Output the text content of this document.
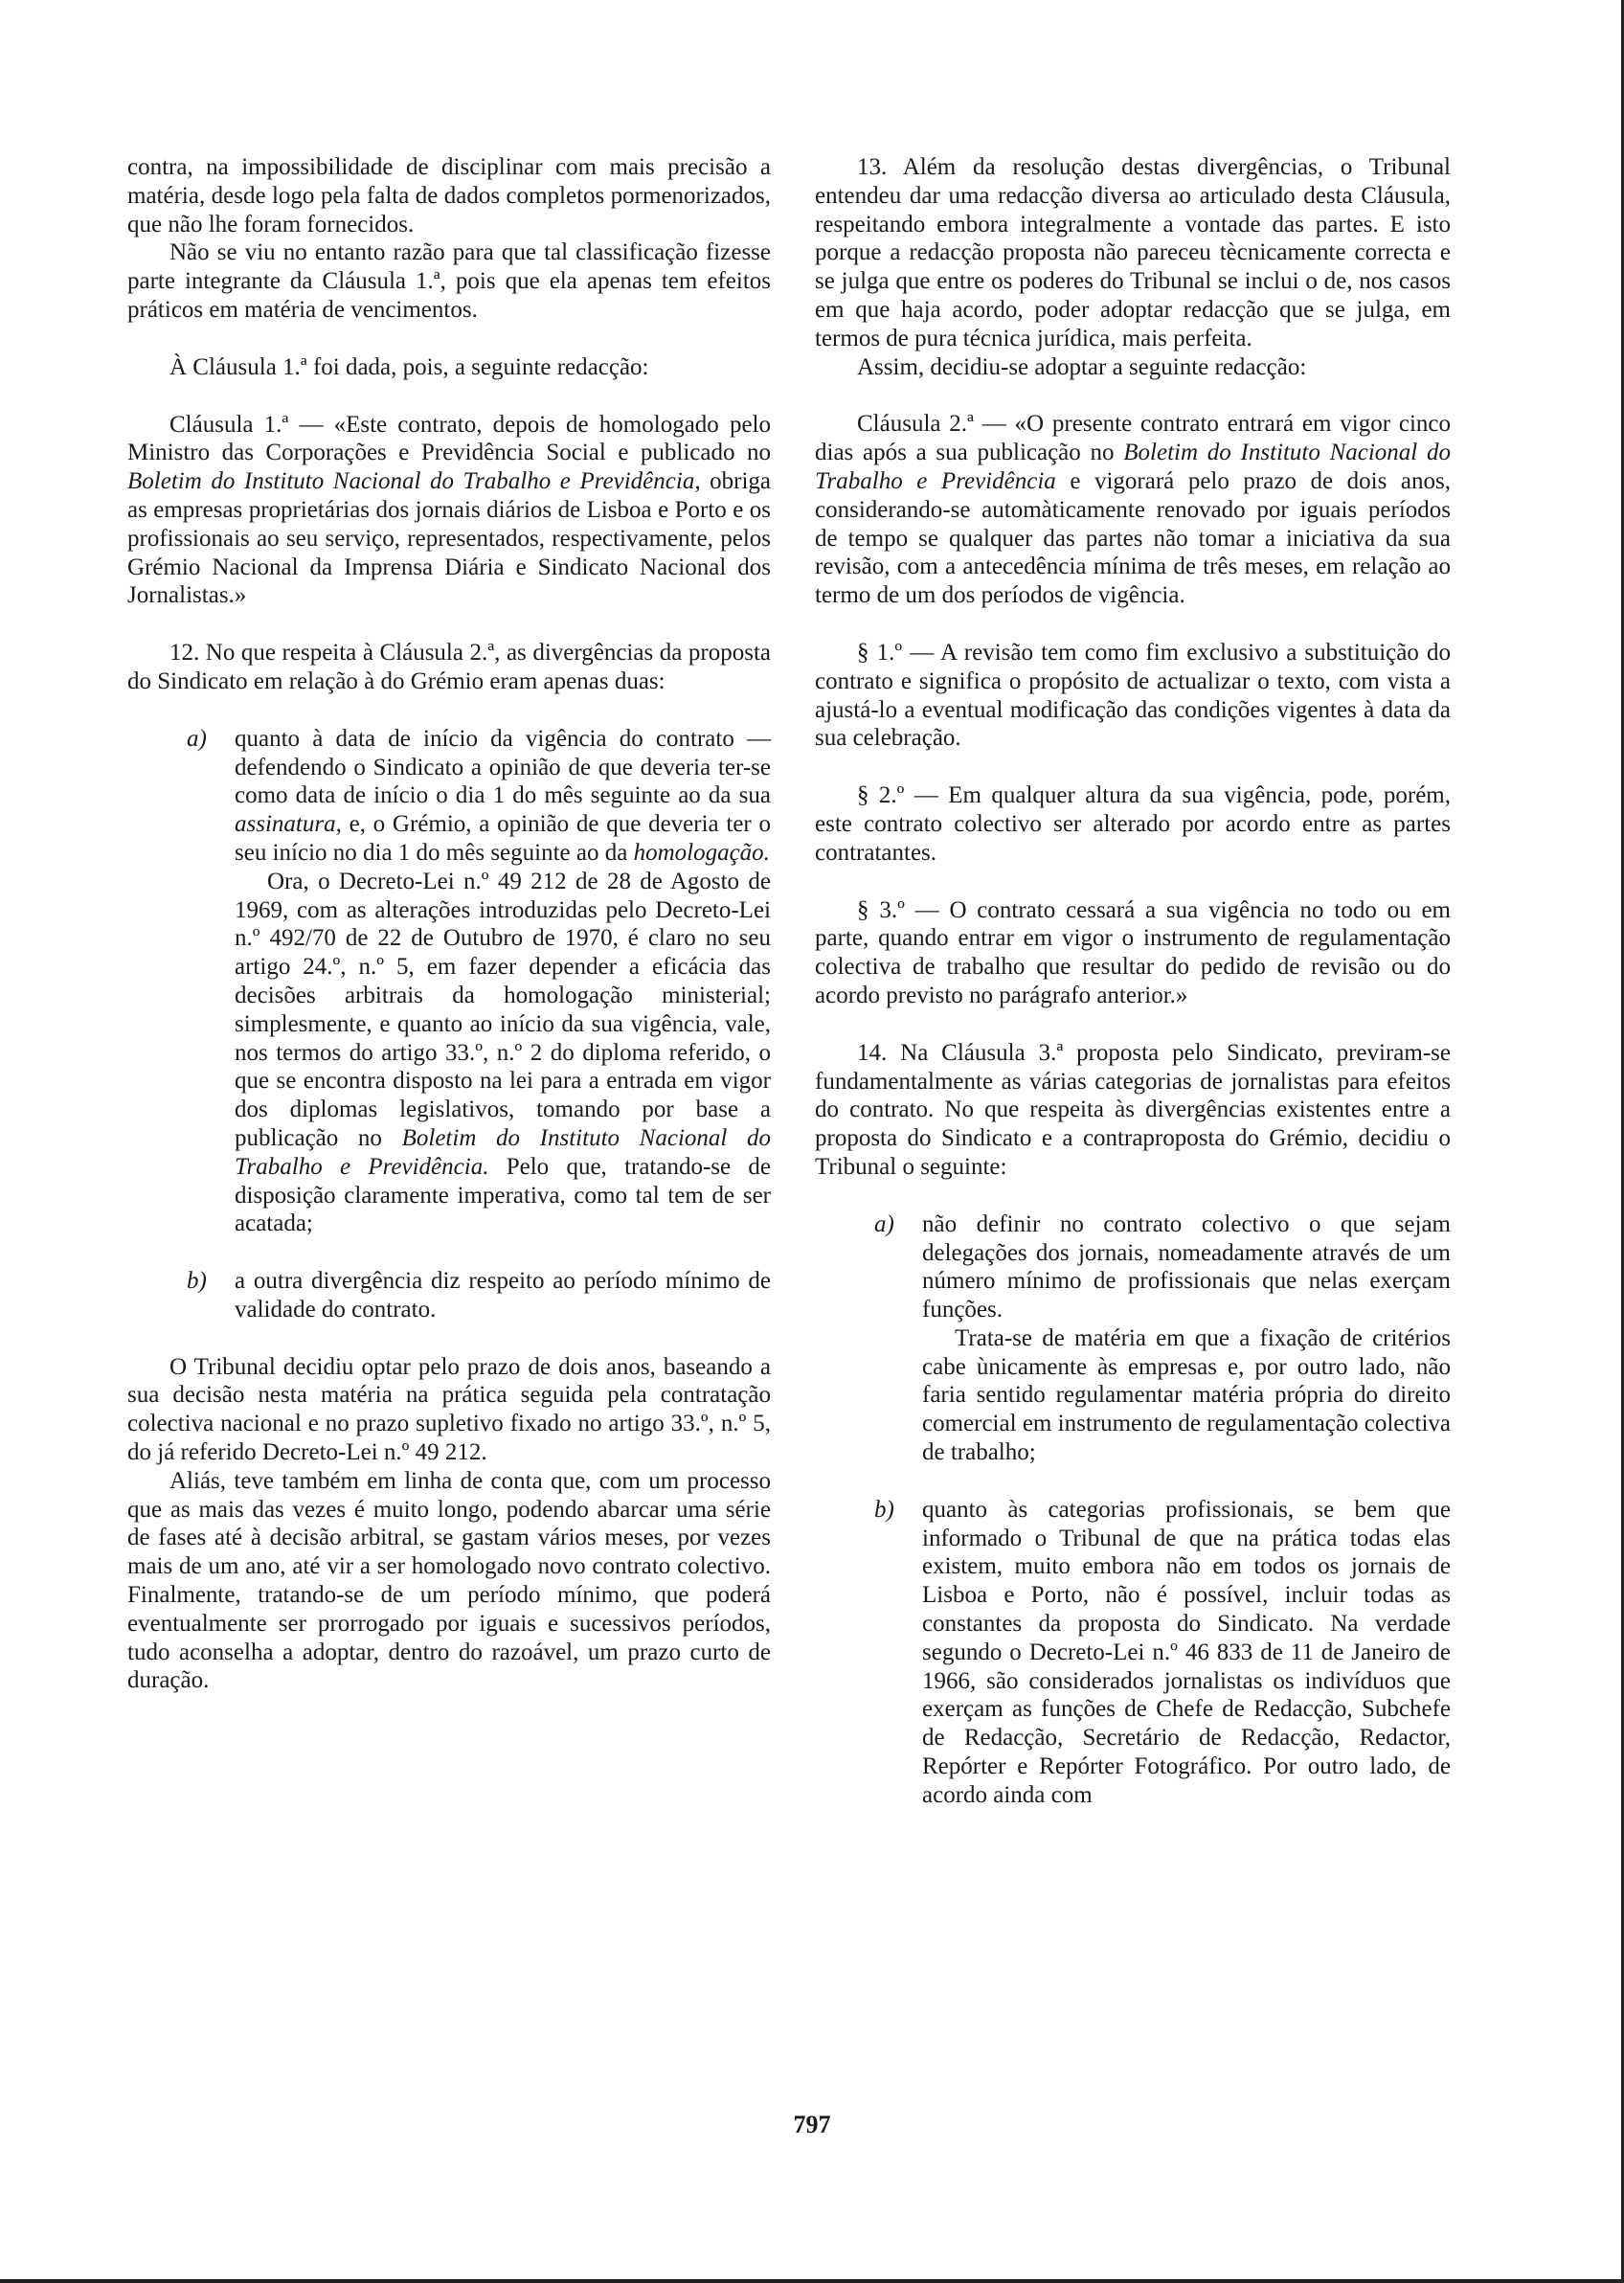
contra, na impossibilidade de disciplinar com mais precisão a matéria, desde logo pela falta de dados completos pormenorizados, que não lhe foram fornecidos.

Não se viu no entanto razão para que tal classificação fizesse parte integrante da Cláusula 1.ª, pois que ela apenas tem efeitos práticos em matéria de vencimentos.

À Cláusula 1.ª foi dada, pois, a seguinte redacção:

Cláusula 1.ª — «Este contrato, depois de homologado pelo Ministro das Corporações e Previdência Social e publicado no Boletim do Instituto Nacional do Trabalho e Previdência, obriga as empresas proprietárias dos jornais diários de Lisboa e Porto e os profissionais ao seu serviço, representados, respectivamente, pelos Grémio Nacional da Imprensa Diária e Sindicato Nacional dos Jornalistas.»

12. No que respeita à Cláusula 2.ª, as divergências da proposta do Sindicato em relação à do Grémio eram apenas duas:

a) quanto à data de início da vigência do contrato — defendendo o Sindicato a opinião de que deveria ter-se como data de início o dia 1 do mês seguinte ao da sua assinatura, e, o Grémio, a opinião de que deveria ter o seu início no dia 1 do mês seguinte ao da homologação.

Ora, o Decreto-Lei n.º 49 212 de 28 de Agosto de 1969, com as alterações introduzidas pelo Decreto-Lei n.º 492/70 de 22 de Outubro de 1970, é claro no seu artigo 24.º, n.º 5, em fazer depender a eficácia das decisões arbitrais da homologação ministerial; simplesmente, e quanto ao início da sua vigência, vale, nos termos do artigo 33.º, n.º 2 do diploma referido, o que se encontra disposto na lei para a entrada em vigor dos diplomas legislativos, tomando por base a publicação no Boletim do Instituto Nacional do Trabalho e Previdência. Pelo que, tratando-se de disposição claramente imperativa, como tal tem de ser acatada;

b) a outra divergência diz respeito ao período mínimo de validade do contrato.

O Tribunal decidiu optar pelo prazo de dois anos, baseando a sua decisão nesta matéria na prática seguida pela contratação colectiva nacional e no prazo supletivo fixado no artigo 33.º, n.º 5, do já referido Decreto-Lei n.º 49 212.

Aliás, teve também em linha de conta que, com um processo que as mais das vezes é muito longo, podendo abarcar uma série de fases até à decisão arbitral, se gastam vários meses, por vezes mais de um ano, até vir a ser homologado novo contrato colectivo. Finalmente, tratando-se de um período mínimo, que poderá eventualmente ser prorrogado por iguais e sucessivos períodos, tudo aconselha a adoptar, dentro do razoável, um prazo curto de duração.

13. Além da resolução destas divergências, o Tribunal entendeu dar uma redacção diversa ao articulado desta Cláusula, respeitando embora integralmente a vontade das partes. E isto porque a redacção proposta não pareceu tècnicamente correcta e se julga que entre os poderes do Tribunal se inclui o de, nos casos em que haja acordo, poder adoptar redacção que se julga, em termos de pura técnica jurídica, mais perfeita.

Assim, decidiu-se adoptar a seguinte redacção:

Cláusula 2.ª — «O presente contrato entrará em vigor cinco dias após a sua publicação no Boletim do Instituto Nacional do Trabalho e Previdência e vigorará pelo prazo de dois anos, considerando-se automàticamente renovado por iguais períodos de tempo se qualquer das partes não tomar a iniciativa da sua revisão, com a antecedência mínima de três meses, em relação ao termo de um dos períodos de vigência.

§ 1.º — A revisão tem como fim exclusivo a substituição do contrato e significa o propósito de actualizar o texto, com vista a ajustá-lo a eventual modificação das condições vigentes à data da sua celebração.

§ 2.º — Em qualquer altura da sua vigência, pode, porém, este contrato colectivo ser alterado por acordo entre as partes contratantes.

§ 3.º — O contrato cessará a sua vigência no todo ou em parte, quando entrar em vigor o instrumento de regulamentação colectiva de trabalho que resultar do pedido de revisão ou do acordo previsto no parágrafo anterior.»

14. Na Cláusula 3.ª proposta pelo Sindicato, previram-se fundamentalmente as várias categorias de jornalistas para efeitos do contrato. No que respeita às divergências existentes entre a proposta do Sindicato e a contraproposta do Grémio, decidiu o Tribunal o seguinte:

a) não definir no contrato colectivo o que sejam delegações dos jornais, nomeadamente através de um número mínimo de profissionais que nelas exerçam funções.

Trata-se de matéria em que a fixação de critérios cabe ùnicamente às empresas e, por outro lado, não faria sentido regulamentar matéria própria do direito comercial em instrumento de regulamentação colectiva de trabalho;

b) quanto às categorias profissionais, se bem que informado o Tribunal de que na prática todas elas existem, muito embora não em todos os jornais de Lisboa e Porto, não é possível, incluir todas as constantes da proposta do Sindicato. Na verdade segundo o Decreto-Lei n.º 46 833 de 11 de Janeiro de 1966, são considerados jornalistas os indivíduos que exerçam as funções de Chefe de Redacção, Subchefe de Redacção, Secretário de Redacção, Redactor, Repórter e Repórter Fotográfico. Por outro lado, de acordo ainda com

797
